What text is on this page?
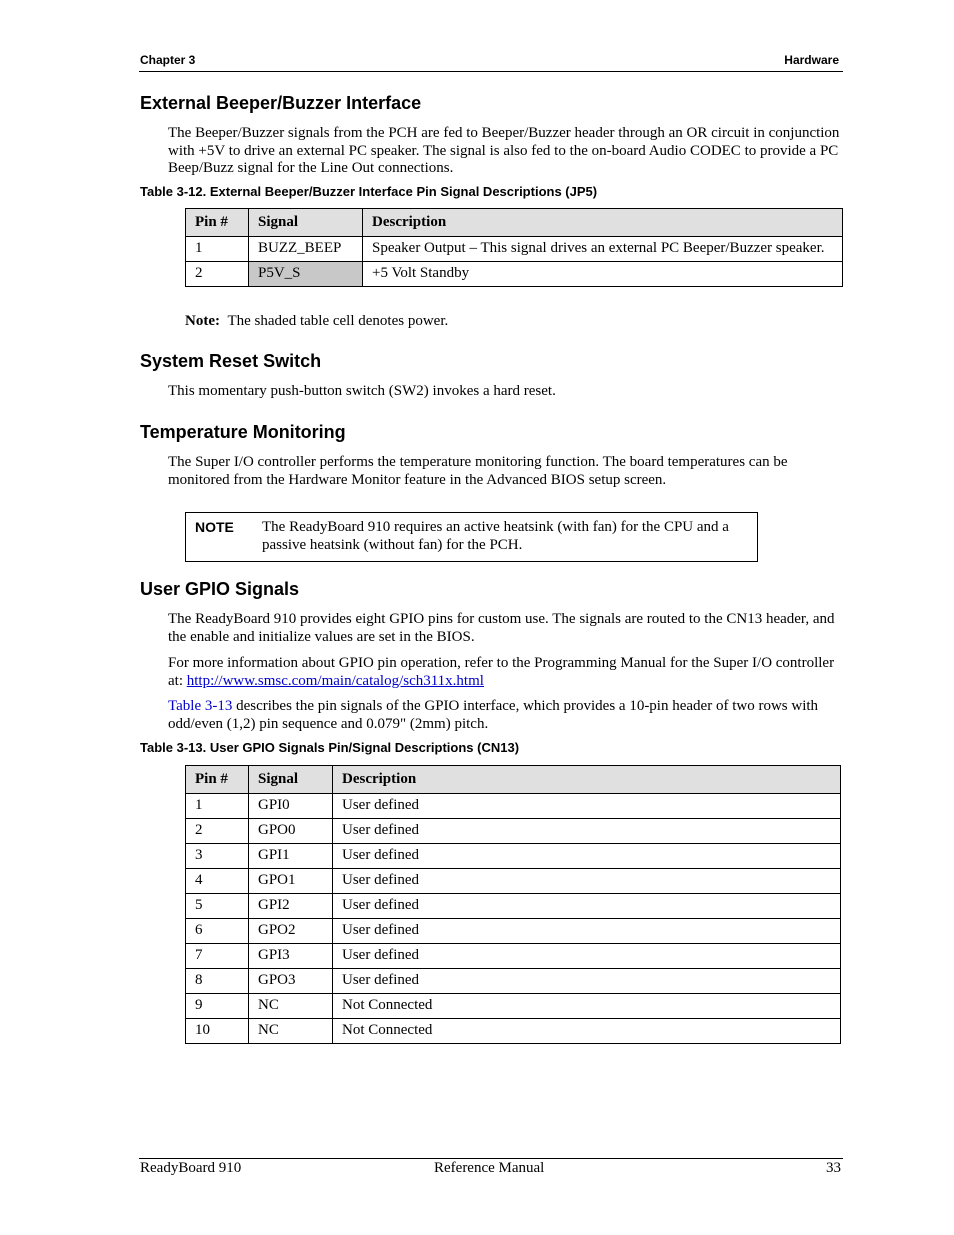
Chapter 3	Hardware
External Beeper/Buzzer Interface

The Beeper/Buzzer signals from the PCH are fed to Beeper/Buzzer header through an OR circuit in conjunction with +5V to drive an external PC speaker. The signal is also fed to the on-board Audio CODEC to provide a PC Beep/Buzz signal for the Line Out connections.

Table 3-12. External Beeper/Buzzer Interface Pin Signal Descriptions (JP5)

Pin #	Signal	Description
1	BUZZ_BEEP	Speaker Output – This signal drives an external PC Beeper/Buzzer speaker.
2	P5V_S	+5 Volt Standby
Note: The shaded table cell denotes power.
System Reset Switch

This momentary push-button switch (SW2) invokes a hard reset.

Temperature Monitoring

The Super I/O controller performs the temperature monitoring function. The board temperatures can be monitored from the Hardware Monitor feature in the Advanced BIOS setup screen.

NOTE The ReadyBoard 910 requires an active heatsink (with fan) for the CPU and a passive heatsink (without fan) for the PCH.
User GPIO Signals

The ReadyBoard 910 provides eight GPIO pins for custom use. The signals are routed to the CN13 header, and the enable and initialize values are set in the BIOS.

For more information about GPIO pin operation, refer to the Programming Manual for the Super I/O controller at: http://www.smsc.com/main/catalog/sch311x.html

Table 3-13 describes the pin signals of the GPIO interface, which provides a 10-pin header of two rows with odd/even (1,2) pin sequence and 0.079" (2mm) pitch.

Table 3-13. User GPIO Signals Pin/Signal Descriptions (CN13)

Pin #	Signal	Description
1	GPI0	User defined
2	GPO0	User defined
3	GPI1	User defined
4	GPO1	User defined
5	GPI2	User defined
6	GPO2	User defined
7	GPI3	User defined
8	GPO3	User defined
9	NC	Not Connected
10	NC	Not Connected
ReadyBoard 910	Reference Manual	33
